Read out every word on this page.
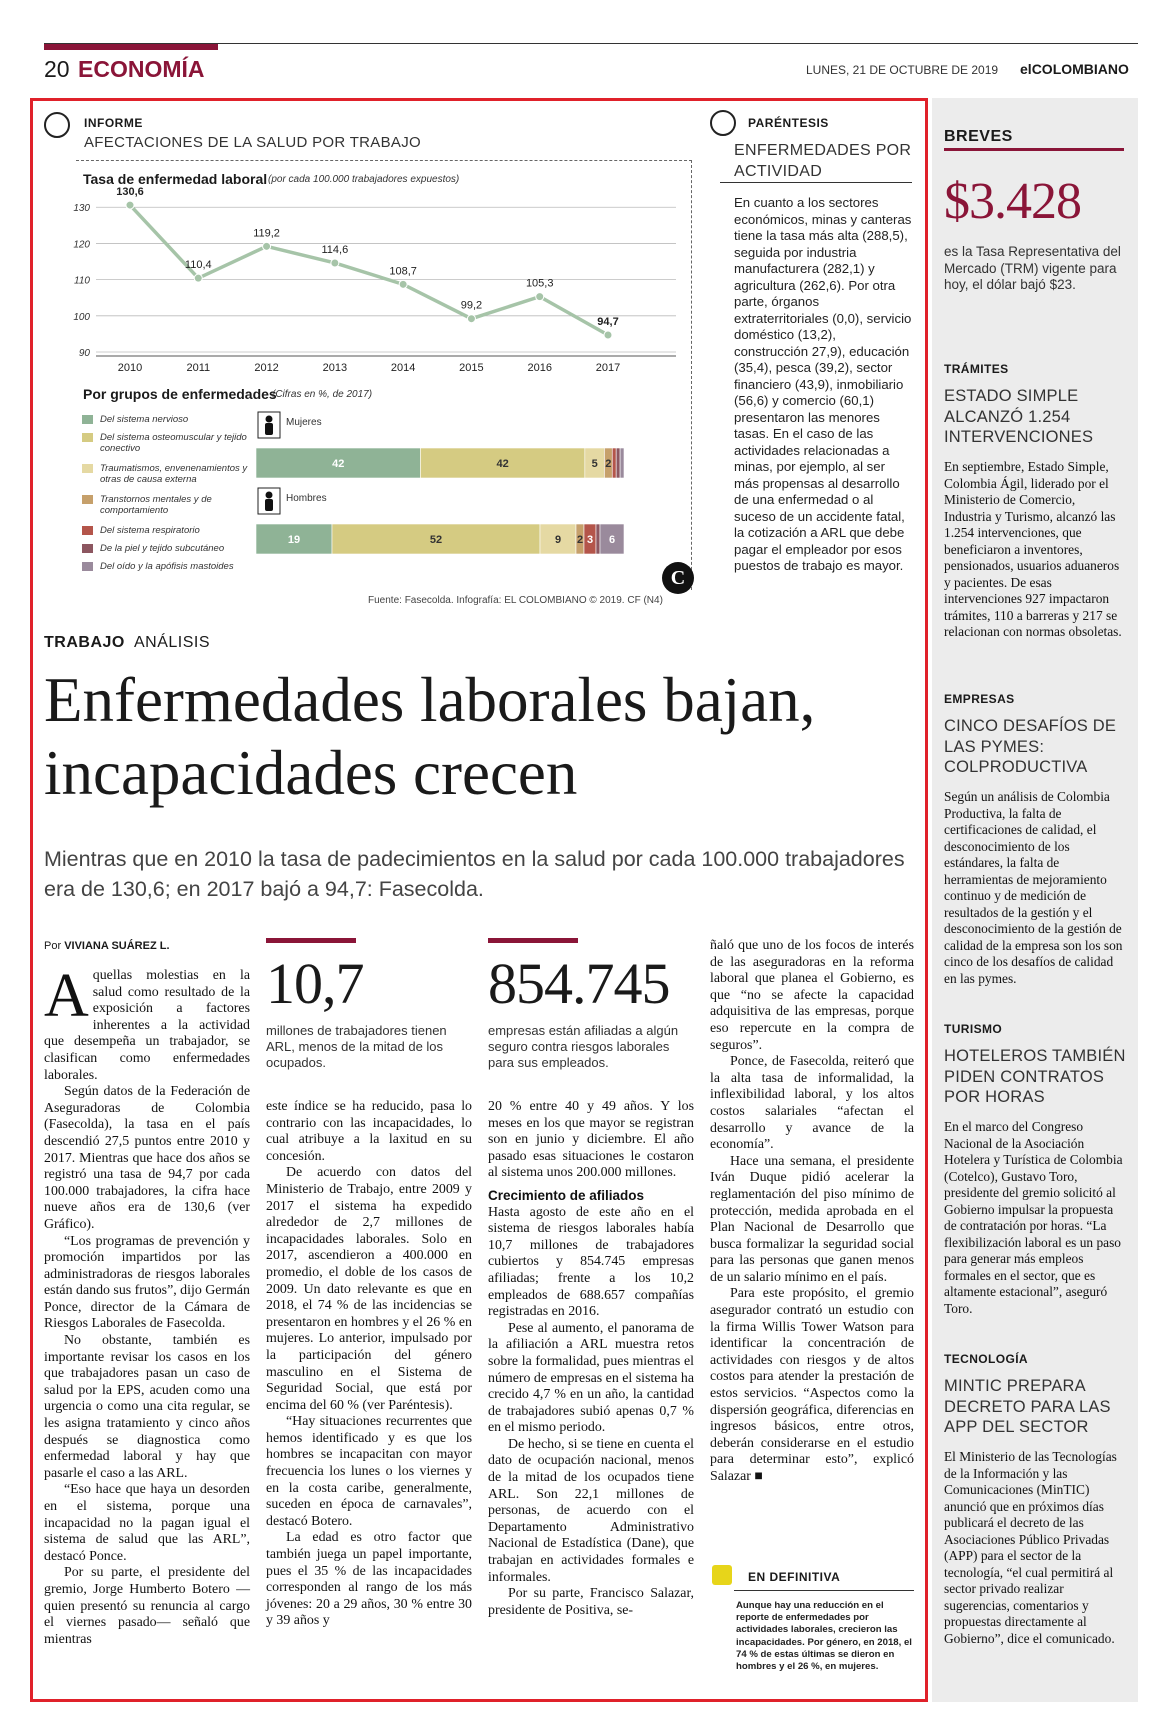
20 ECONOMÍA	LUNES, 21 DE OCTUBRE DE 2019 elCOLOMBIANO
INFORME
AFECTACIONES DE LA SALUD POR TRABAJO
Tasa de enfermedad laboral (por cada 100.000 trabajadores expuestos)
90
100
110
120
130
2010	2011	2012	2013	2014	2015	2016	2017
130,6
110,4
119,2
114,6
108,7
99,2
105,3
94,7
Por grupos de enfermedades
(Cifras en %, de 2017)
Del sistema nervioso
Del sistema osteomuscular y tejido conectivo
Traumatismos, envenenamientos y otras de causa externa
Transtornos mentales y de comportamiento
Del sistema respiratorio
De la piel y tejido subcutáneo
Del oído y la apófisis mastoides
Mujeres
42	42	5 2
Hombres
19	52	9 2 3 6
Fuente: Fasecolda. Infografía: EL COLOMBIANO © 2019. CF (N4)
C
PARÉNTESIS
ENFERMEDADES POR ACTIVIDAD
En cuanto a los sectores económicos, minas y canteras tiene la tasa más alta (288,5), seguida por industria manufacturera (282,1) y agricultura (262,6). Por otra parte, órganos extraterritoriales (0,0), servicio doméstico (13,2), construcción 27,9), educación (35,4), pesca (39,2), sector financiero (43,9), inmobiliario (56,6) y comercio (60,1) presentaron las menores tasas. En el caso de las actividades relacionadas a minas, por ejemplo, al ser más propensas al desarrollo de una enfermedad o al suceso de un accidente fatal, la cotización a ARL que debe pagar el empleador por esos puestos de trabajo es mayor.
TRABAJO ANÁLISIS
Enfermedades laborales bajan, incapacidades crecen
Mientras que en 2010 la tasa de padecimientos en la salud por cada 100.000 trabajadores era de 130,6; en 2017 bajó a 94,7: Fasecolda.
Por VIVIANA SUÁREZ L.
10,7
millones de trabajadores tienen ARL, menos de la mitad de los ocupados.
854.745
empresas están afiliadas a algún seguro contra riesgos laborales para sus empleados.

Aquellas molestias en la salud como resultado de la exposición a factores inherentes a la actividad que desempeña un trabajador, se clasifican como enfermedades laborales.

Según datos de la Federación de Aseguradoras de Colombia (Fasecolda), la tasa en el país descendió 27,5 puntos entre 2010 y 2017. Mientras que hace dos años se registró una tasa de 94,7 por cada 100.000 trabajadores, la cifra hace nueve años era de 130,6 (ver Gráfico).

“Los programas de prevención y promoción impartidos por las administradoras de riesgos laborales están dando sus frutos”, dijo Germán Ponce, director de la Cámara de Riesgos Laborales de Fasecolda.

No obstante, también es importante revisar los casos en los que trabajadores pasan un caso de salud por la EPS, acuden como una urgencia o como una cita regular, se les asigna tratamiento y cinco años después se diagnostica como enfermedad laboral y hay que pasarle el caso a las ARL.

“Eso hace que haya un desorden en el sistema, porque una incapacidad no la pagan igual el sistema de salud que las ARL”, destacó Ponce.

Por su parte, el presidente del gremio, Jorge Humberto Botero —quien presentó su renuncia al cargo el viernes pasado— señaló que mientras

este índice se ha reducido, pasa lo contrario con las incapacidades, lo cual atribuye a la laxitud en su concesión.

De acuerdo con datos del Ministerio de Trabajo, entre 2009 y 2017 el sistema ha expedido alrededor de 2,7 millones de incapacidades laborales. Solo en 2017, ascendieron a 400.000 en promedio, el doble de los casos de 2009. Un dato relevante es que en 2018, el 74 % de las incidencias se presentaron en hombres y el 26 % en mujeres. Lo anterior, impulsado por la participación del género masculino en el Sistema de Seguridad Social, que está por encima del 60 % (ver Paréntesis).

“Hay situaciones recurrentes que hemos identificado y es que los hombres se incapacitan con mayor frecuencia los lunes o los viernes y en la costa caribe, generalmente, suceden en época de carnavales”, destacó Botero.

La edad es otro factor que también juega un papel importante, pues el 35 % de las incapacidades corresponden al rango de los más jóvenes: 20 a 29 años, 30 % entre 30 y 39 años y

20 % entre 40 y 49 años. Y los meses en los que mayor se registran son en junio y diciembre. El año pasado esas situaciones le costaron al sistema unos 200.000 millones.

Crecimiento de afiliados

Hasta agosto de este año en el sistema de riesgos laborales había 10,7 millones de trabajadores cubiertos y 854.745 empresas afiliadas; frente a los 10,2 empleados de 688.657 compañías registradas en 2016.

Pese al aumento, el panorama de la afiliación a ARL muestra retos sobre la formalidad, pues mientras el número de empresas en el sistema ha crecido 4,7 % en un año, la cantidad de trabajadores subió apenas 0,7 % en el mismo periodo.

De hecho, si se tiene en cuenta el dato de ocupación nacional, menos de la mitad de los ocupados tiene ARL. Son 22,1 millones de personas, de acuerdo con el Departamento Administrativo Nacional de Estadística (Dane), que trabajan en actividades formales e informales.

Por su parte, Francisco Salazar, presidente de Positiva, se-

ñaló que uno de los focos de interés de las aseguradoras en la reforma laboral que planea el Gobierno, es que “no se afecte la capacidad adquisitiva de las empresas, porque eso repercute en la compra de seguros”.

Ponce, de Fasecolda, reiteró que la alta tasa de informalidad, la inflexibilidad laboral, y los altos costos salariales “afectan el desarrollo y avance de la economía”.

Hace una semana, el presidente Iván Duque pidió acelerar la reglamentación del piso mínimo de protección, medida aprobada en el Plan Nacional de Desarrollo que busca formalizar la seguridad social para las personas que ganen menos de un salario mínimo en el país.

Para este propósito, el gremio asegurador contrató un estudio con la firma Willis Tower Watson para identificar la concentración de actividades con riesgos y de altos costos para atender la prestación de estos servicios. “Aspectos como la dispersión geográfica, diferencias en ingresos básicos, entre otros, deberán considerarse en el estudio para determinar esto”, explicó Salazar ■

EN DEFINITIVA
Aunque hay una reducción en el reporte de enfermedades por actividades laborales, crecieron las incapacidades. Por género, en 2018, el 74 % de estas últimas se dieron en hombres y el 26 %, en mujeres.
BREVES
$3.428
es la Tasa Representativa del Mercado (TRM) vigente para hoy, el dólar bajó $23.
TRÁMITES
ESTADO SIMPLE ALCANZÓ 1.254 INTERVENCIONES
En septiembre, Estado Simple, Colombia Ágil, liderado por el Ministerio de Comercio, Industria y Turismo, alcanzó las 1.254 intervenciones, que beneficiaron a inventores, pensionados, usuarios aduaneros y pacientes. De esas intervenciones 927 impactaron trámites, 110 a barreras y 217 se relacionan con normas obsoletas.
EMPRESAS
CINCO DESAFÍOS DE LAS PYMES: COLPRODUCTIVA
Según un análisis de Colombia Productiva, la falta de certificaciones de calidad, el desconocimiento de los estándares, la falta de herramientas de mejoramiento continuo y de medición de resultados de la gestión y el desconocimiento de la gestión de calidad de la empresa son los son cinco de los desafíos de calidad en las pymes.
TURISMO
HOTELEROS TAMBIÉN PIDEN CONTRATOS POR HORAS
En el marco del Congreso Nacional de la Asociación Hotelera y Turística de Colombia (Cotelco), Gustavo Toro, presidente del gremio solicitó al Gobierno impulsar la propuesta de contratación por horas. “La flexibilización laboral es un paso para generar más empleos formales en el sector, que es altamente estacional”, aseguró Toro.
TECNOLOGÍA
MINTIC PREPARA DECRETO PARA LAS APP DEL SECTOR
El Ministerio de las Tecnologías de la Información y las Comunicaciones (MinTIC) anunció que en próximos días publicará el decreto de las Asociaciones Público Privadas (APP) para el sector de la tecnología, “el cual permitirá al sector privado realizar sugerencias, comentarios y propuestas directamente al Gobierno”, dice el comunicado.
